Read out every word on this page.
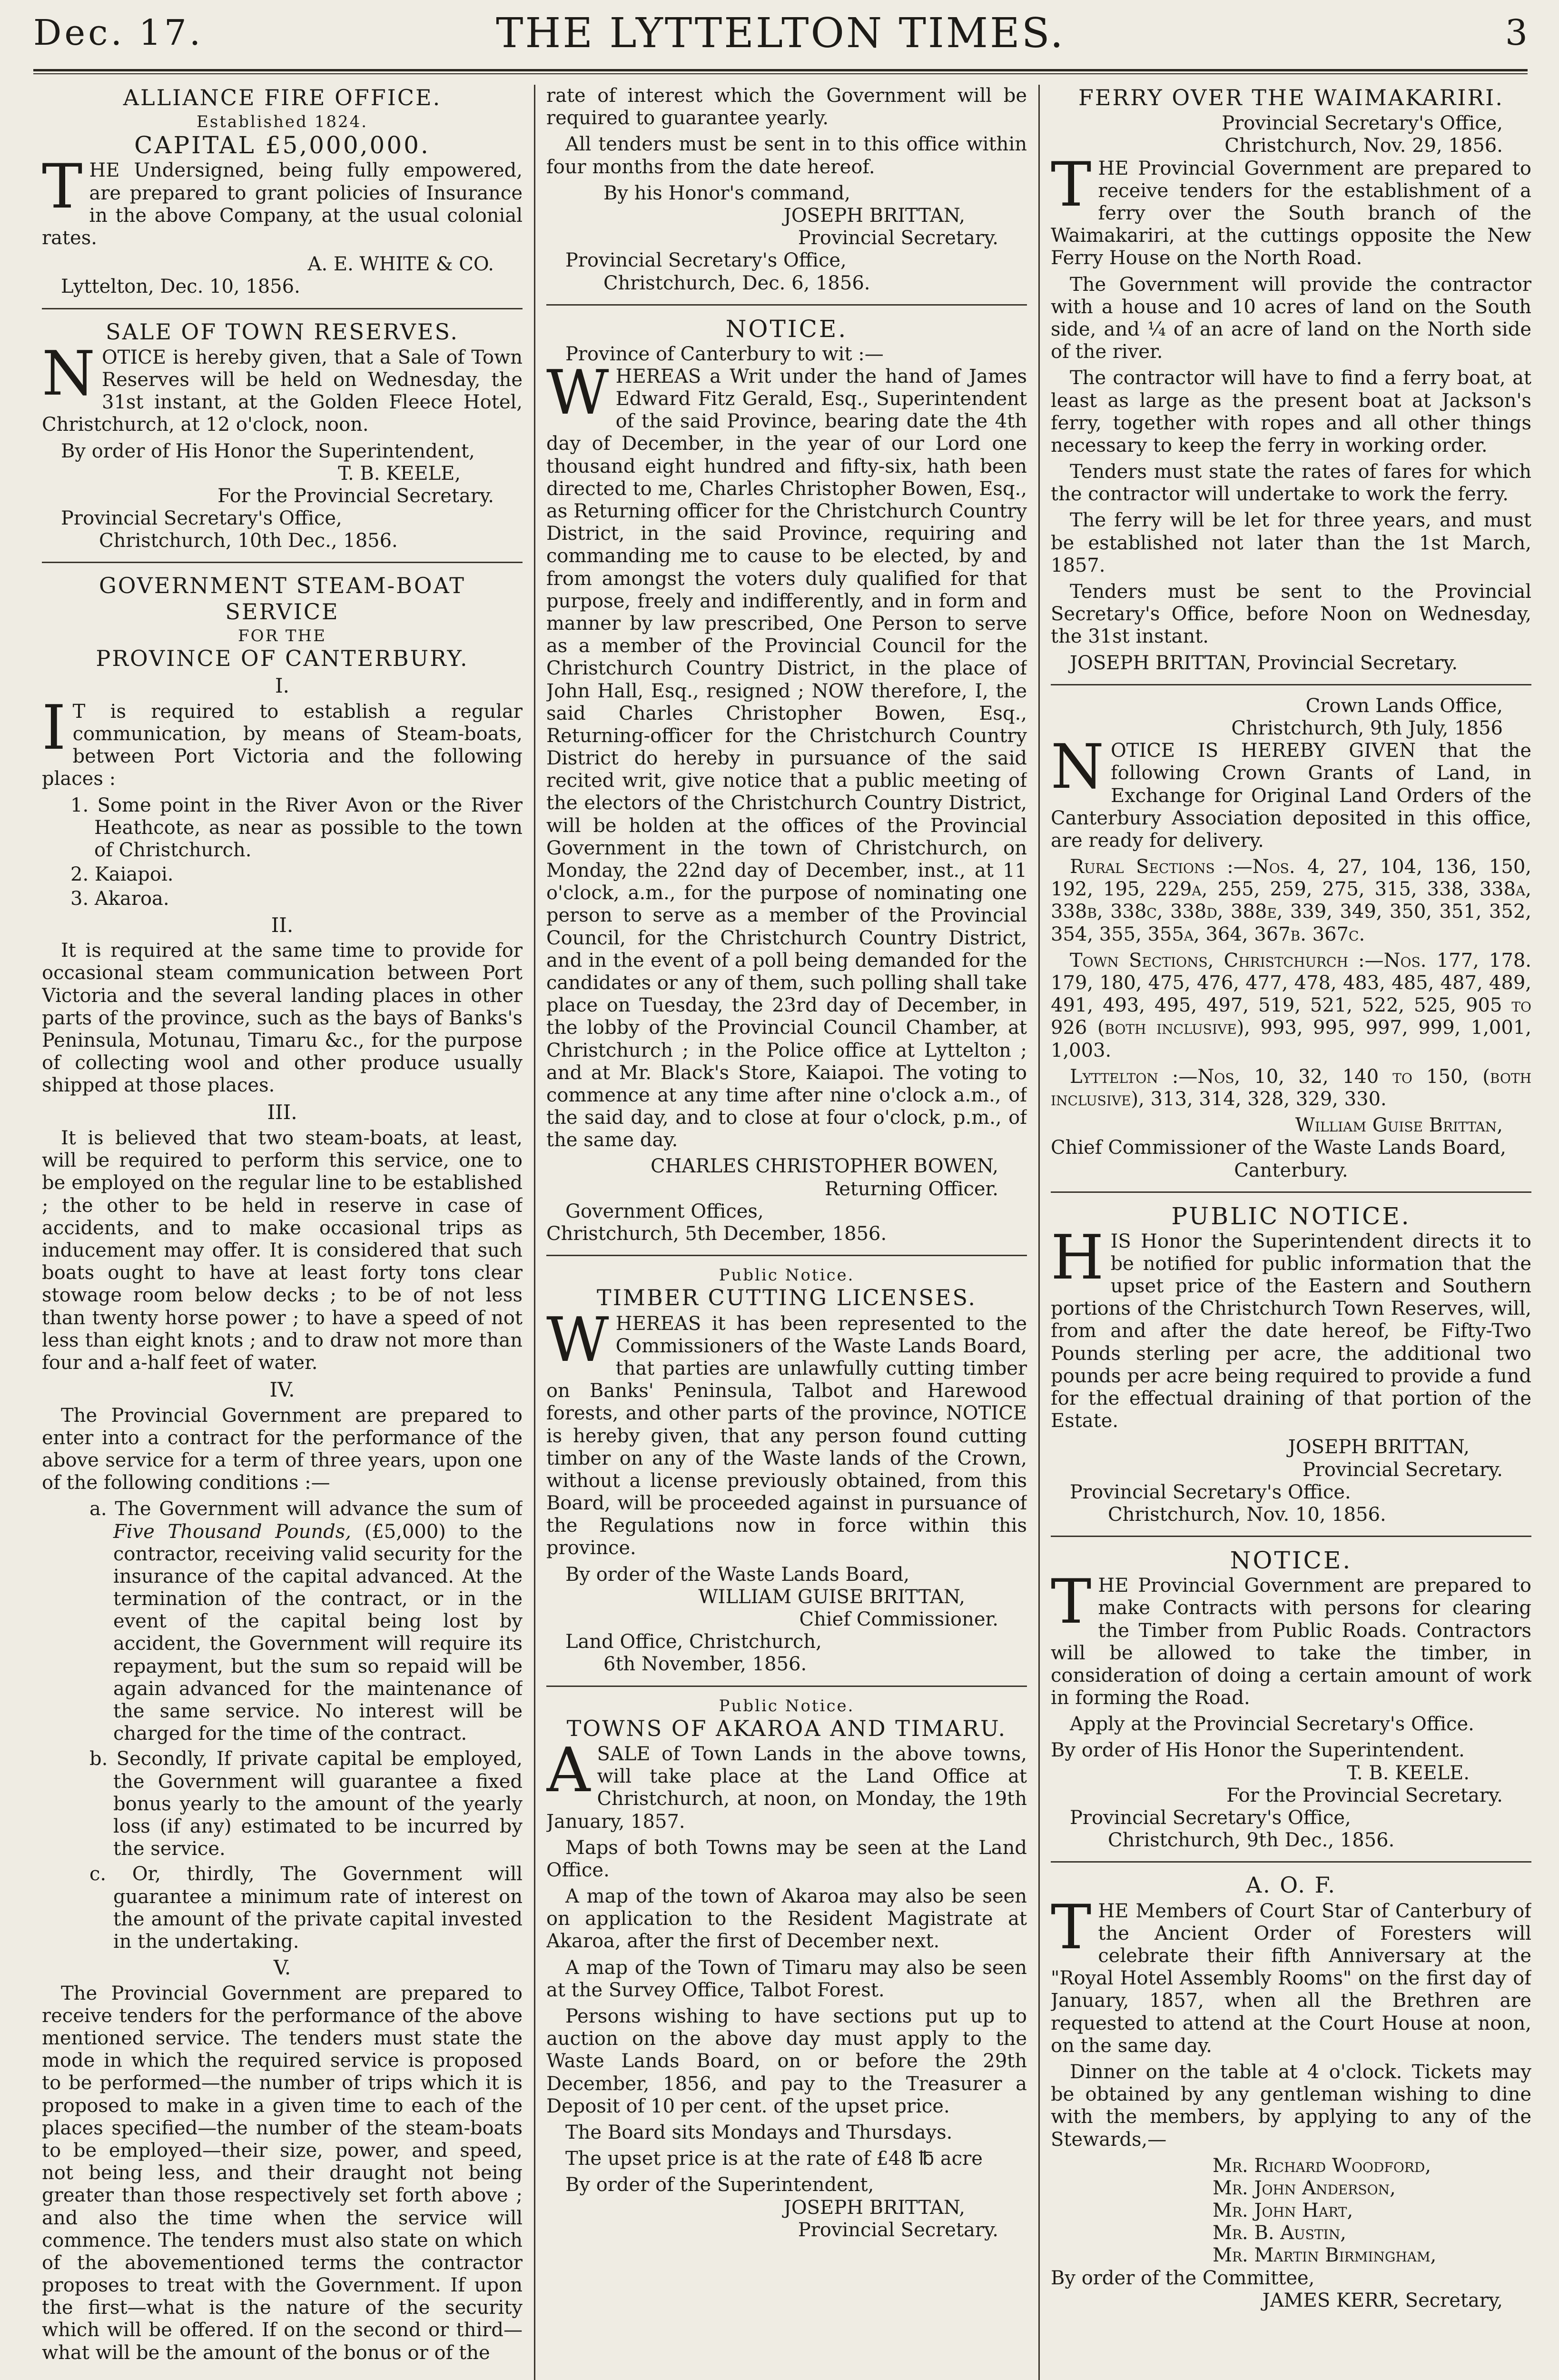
Dec. 17.	THE LYTTELTON TIMES.	3
ALLIANCE FIRE OFFICE.
Established 1824.
CAPITAL £5,000,000.

THE Undersigned, being fully empowered, are prepared to grant policies of Insurance in the above Company, at the usual colonial rates.

A. E. WHITE & CO.
Lyttelton, Dec. 10, 1856.
SALE OF TOWN RESERVES.

NOTICE is hereby given, that a Sale of Town Reserves will be held on Wednesday, the 31st instant, at the Golden Fleece Hotel, Christchurch, at 12 o'clock, noon.

By order of His Honor the Superintendent,
T. B. KEELE,
For the Provincial Secretary.
Provincial Secretary's Office,
Christchurch, 10th Dec., 1856.
GOVERNMENT STEAM-BOAT SERVICE
FOR THE
PROVINCE OF CANTERBURY.
I.

I T is required to establish a regular communication, by means of Steam-boats, between Port Victoria and the following places :

1. Some point in the River Avon or the River Heathcote, as near as possible to the town of Christchurch.
2. Kaiapoi.
3. Akaroa.
II.

It is required at the same time to provide for occasional steam communication between Port Victoria and the several landing places in other parts of the province, such as the bays of Banks's Peninsula, Motunau, Timaru &c., for the purpose of collecting wool and other produce usually shipped at those places.

III.

It is believed that two steam-boats, at least, will be required to perform this service, one to be employed on the regular line to be established ; the other to be held in reserve in case of accidents, and to make occasional trips as inducement may offer. It is considered that such boats ought to have at least forty tons clear stowage room below decks ; to be of not less than twenty horse power ; to have a speed of not less than eight knots ; and to draw not more than four and a-half feet of water.

IV.

The Provincial Government are prepared to enter into a contract for the performance of the above service for a term of three years, upon one of the following conditions :—

a. The Government will advance the sum of Five Thousand Pounds, (£5,000) to the contractor, receiving valid security for the insurance of the capital advanced. At the termination of the contract, or in the event of the capital being lost by accident, the Government will require its repayment, but the sum so repaid will be again advanced for the maintenance of the same service. No interest will be charged for the time of the contract.
b. Secondly, If private capital be employed, the Government will guarantee a fixed bonus yearly to the amount of the yearly loss (if any) estimated to be incurred by the service.
c. Or, thirdly, The Government will guarantee a minimum rate of interest on the amount of the private capital invested in the undertaking.
V.

The Provincial Government are prepared to receive tenders for the performance of the above mentioned service. The tenders must state the mode in which the required service is proposed to be performed—the number of trips which it is proposed to make in a given time to each of the places specified—the number of the steam-boats to be employed—their size, power, and speed, not being less, and their draught not being greater than those respectively set forth above ; and also the time when the service will commence. The tenders must also state on which of the abovementioned terms the contractor proposes to treat with the Government. If upon the first—what is the nature of the security which will be offered. If on the second or third—what will be the amount of the bonus or of the

rate of interest which the Government will be required to guarantee yearly.

All tenders must be sent in to this office within four months from the date hereof.

By his Honor's command,
JOSEPH BRITTAN,
Provincial Secretary.
Provincial Secretary's Office,
Christchurch, Dec. 6, 1856.
NOTICE.
Province of Canterbury to wit :—

WHEREAS a Writ under the hand of James Edward Fitz Gerald, Esq., Superintendent of the said Province, bearing date the 4th day of December, in the year of our Lord one thousand eight hundred and fifty-six, hath been directed to me, Charles Christopher Bowen, Esq., as Returning officer for the Christchurch Country District, in the said Province, requiring and commanding me to cause to be elected, by and from amongst the voters duly qualified for that purpose, freely and indifferently, and in form and manner by law prescribed, One Person to serve as a member of the Provincial Council for the Christchurch Country District, in the place of John Hall, Esq., resigned ; NOW therefore, I, the said Charles Christopher Bowen, Esq., Returning-officer for the Christchurch Country District do hereby in pursuance of the said recited writ, give notice that a public meeting of the electors of the Christchurch Country District, will be holden at the offices of the Provincial Government in the town of Christchurch, on Monday, the 22nd day of December, inst., at 11 o'clock, a.m., for the purpose of nominating one person to serve as a member of the Provincial Council, for the Christchurch Country District, and in the event of a poll being demanded for the candidates or any of them, such polling shall take place on Tuesday, the 23rd day of December, in the lobby of the Provincial Council Chamber, at Christchurch ; in the Police office at Lyttelton ; and at Mr. Black's Store, Kaiapoi. The voting to commence at any time after nine o'clock a.m., of the said day, and to close at four o'clock, p.m., of the same day.

CHARLES CHRISTOPHER BOWEN,
Returning Officer.
Government Offices,
Christchurch, 5th December, 1856.
Public Notice.
TIMBER CUTTING LICENSES.

WHEREAS it has been represented to the Commissioners of the Waste Lands Board, that parties are unlawfully cutting timber on Banks' Peninsula, Talbot and Harewood forests, and other parts of the province, NOTICE is hereby given, that any person found cutting timber on any of the Waste lands of the Crown, without a license previously obtained, from this Board, will be proceeded against in pursuance of the Regulations now in force within this province.

By order of the Waste Lands Board,
WILLIAM GUISE BRITTAN,
Chief Commissioner.
Land Office, Christchurch,
6th November, 1856.
Public Notice.
TOWNS OF AKAROA AND TIMARU.

ASALE of Town Lands in the above towns, will take place at the Land Office at Christchurch, at noon, on Monday, the 19th January, 1857.

Maps of both Towns may be seen at the Land Office.

A map of the town of Akaroa may also be seen on application to the Resident Magistrate at Akaroa, after the first of December next.

A map of the Town of Timaru may also be seen at the Survey Office, Talbot Forest.

Persons wishing to have sections put up to auction on the above day must apply to the Waste Lands Board, on or before the 29th December, 1856, and pay to the Treasurer a Deposit of 10 per cent. of the upset price.

The Board sits Mondays and Thursdays.

The upset price is at the rate of £48 ℔ acre

By order of the Superintendent,
JOSEPH BRITTAN,
Provincial Secretary.
FERRY OVER THE WAIMAKARIRI.
Provincial Secretary's Office,
Christchurch, Nov. 29, 1856.

THE Provincial Government are prepared to receive tenders for the establishment of a ferry over the South branch of the Waimakariri, at the cuttings opposite the New Ferry House on the North Road.

The Government will provide the contractor with a house and 10 acres of land on the South side, and ¼ of an acre of land on the North side of the river.

The contractor will have to find a ferry boat, at least as large as the present boat at Jackson's ferry, together with ropes and all other things necessary to keep the ferry in working order.

Tenders must state the rates of fares for which the contractor will undertake to work the ferry.

The ferry will be let for three years, and must be established not later than the 1st March, 1857.

Tenders must be sent to the Provincial Secretary's Office, before Noon on Wednesday, the 31st instant.

JOSEPH BRITTAN, Provincial Secretary.
Crown Lands Office,
Christchurch, 9th July, 1856

NOTICE IS HEREBY GIVEN that the following Crown Grants of Land, in Exchange for Original Land Orders of the Canterbury Association deposited in this office, are ready for delivery.

Rural Sections :—Nos. 4, 27, 104, 136, 150, 192, 195, 229a, 255, 259, 275, 315, 338, 338a, 338b, 338c, 338d, 388e, 339, 349, 350, 351, 352, 354, 355, 355a, 364, 367b. 367c.

Town Sections, Christchurch :—Nos. 177, 178. 179, 180, 475, 476, 477, 478, 483, 485, 487, 489, 491, 493, 495, 497, 519, 521, 522, 525, 905 to 926 (both inclusive), 993, 995, 997, 999, 1,001, 1,003.

Lyttelton :—Nos, 10, 32, 140 to 150, (both inclusive), 313, 314, 328, 329, 330.

William Guise Brittan,
Chief Commissioner of the Waste Lands Board,
Canterbury.
PUBLIC NOTICE.

HIS Honor the Superintendent directs it to be notified for public information that the upset price of the Eastern and Southern portions of the Christchurch Town Reserves, will, from and after the date hereof, be Fifty-Two Pounds sterling per acre, the additional two pounds per acre being required to provide a fund for the effectual draining of that portion of the Estate.

JOSEPH BRITTAN,
Provincial Secretary.
Provincial Secretary's Office.
Christchurch, Nov. 10, 1856.
NOTICE.

THE Provincial Government are prepared to make Contracts with persons for clearing the Timber from Public Roads. Contractors will be allowed to take the timber, in consideration of doing a certain amount of work in forming the Road.

Apply at the Provincial Secretary's Office.

By order of His Honor the Superintendent.
T. B. KEELE.
For the Provincial Secretary.
Provincial Secretary's Office,
Christchurch, 9th Dec., 1856.
A. O. F.

THE Members of Court Star of Canterbury of the Ancient Order of Foresters will celebrate their fifth Anniversary at the "Royal Hotel Assembly Rooms" on the first day of January, 1857, when all the Brethren are requested to attend at the Court House at noon, on the same day.

Dinner on the table at 4 o'clock. Tickets may be obtained by any gentleman wishing to dine with the members, by applying to any of the Stewards,—

Mr. Richard Woodford,
Mr. John Anderson,
Mr. John Hart,
Mr. B. Austin,
Mr. Martin Birmingham,
By order of the Committee,
JAMES KERR, Secretary,
